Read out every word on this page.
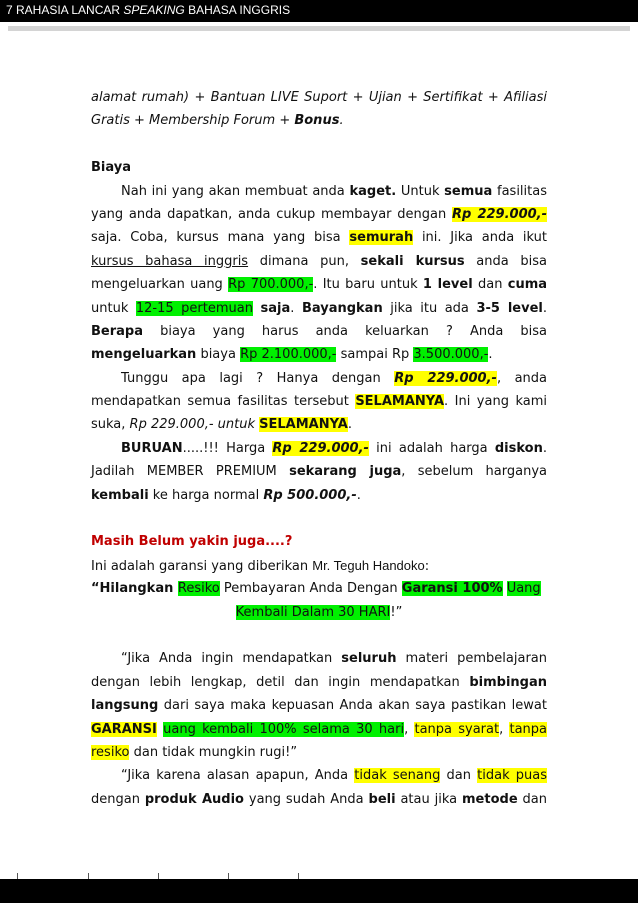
7 RAHASIA LANCAR SPEAKING BAHASA INGGRIS
alamat rumah) + Bantuan LIVE Suport + Ujian + Sertifikat + Afiliasi
Gratis + Membership Forum + Bonus.
Biaya
Nah ini yang akan membuat anda kaget. Untuk semua fasilitas
yang anda dapatkan, anda cukup membayar dengan Rp 229.000,-
saja. Coba, kursus mana yang bisa semurah ini. Jika anda ikut
kursus bahasa inggris dimana pun, sekali kursus anda bisa
mengeluarkan uang Rp 700.000,-. Itu baru untuk 1 level dan cuma
untuk 12-15 pertemuan saja. Bayangkan jika itu ada 3-5 level.
Berapa biaya yang harus anda keluarkan ? Anda bisa
mengeluarkan biaya Rp 2.100.000,- sampai Rp 3.500.000,-.
Tunggu apa lagi ? Hanya dengan Rp 229.000,-, anda
mendapatkan semua fasilitas tersebut SELAMANYA. Ini yang kami
suka, Rp 229.000,- untuk SELAMANYA.
BURUAN.....!!! Harga Rp 229.000,- ini adalah harga diskon.
Jadilah MEMBER PREMIUM sekarang juga, sebelum harganya
kembali ke harga normal Rp 500.000,-.
Masih Belum yakin juga....?
Ini adalah garansi yang diberikan Mr. Teguh Handoko:
“Hilangkan Resiko Pembayaran Anda Dengan Garansi 100% Uang
Kembali Dalam 30 HARI!”
“Jika Anda ingin mendapatkan seluruh materi pembelajaran
dengan lebih lengkap, detil dan ingin mendapatkan bimbingan
langsung dari saya maka kepuasan Anda akan saya pastikan lewat
GARANSI uang kembali 100% selama 30 hari, tanpa syarat, tanpa
resiko dan tidak mungkin rugi!”
“Jika karena alasan apapun, Anda tidak senang dan tidak puas
dengan produk Audio yang sudah Anda beli atau jika metode dan
